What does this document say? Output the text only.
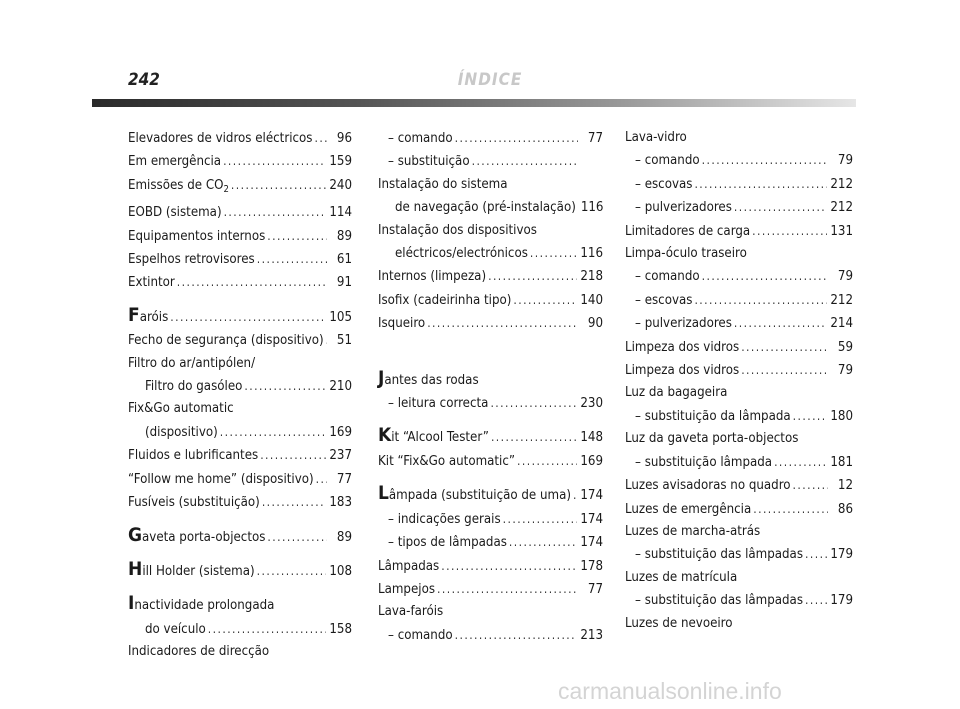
242	ÍNDICE
Elevadores de vidros eléctricos . . .	96
Em emergência . . .	159
Emissões de $CO_2$ . . .	240
EOBD (sistema) . . .	114
Equipamentos internos . . .	89
Espelhos retrovisores . . .	61
Extintor . . .	91
Faróis . . .	105
Fecho de segurança (dispositivo) . . .	51
Filtro do ar/antipólen/
Filtro do gasóleo . . .	210
Fix&Go automatic
(dispositivo) . . .	169
Fluidos e lubrificantes . . .	237
“Follow me home” (dispositivo) . . .	77
Fusíveis (substituição) . . .	183
Gaveta porta-objectos . . .	89
Hill Holder (sistema) . . .	108
Inactividade prolongada
do veículo . . .	158
Indicadores de direcção
– comando . . .	77
– substituição
. . .
Instalação do sistema
de navegação (pré-instalação) 116
Instalação dos dispositivos
eléctricos/electrónicos . . .	116
Internos (limpeza) . . .	218
Isofix (cadeirinha tipo) . . .	140
Isqueiro . . .	90
Jantes das rodas
– leitura correcta . . .	230
Kit “Alcool Tester” . . .	148
Kit “Fix&Go automatic” . . .	169
Lâmpada (substituição de uma) . . . 174
– indicações gerais . . .	174
– tipos de lâmpadas . . .	174
Lâmpadas . . .	178
Lampejos . . .	77
Lava-faróis
– comando . . .	213
Lava-vidro
– comando . . .	79
– escovas . . .	212
– pulverizadores . . .	212
Limitadores de carga . . .	131
Limpa-óculo traseiro
– comando . . .	79
– escovas . . .	212
– pulverizadores . . .	214
Limpeza dos vidros . . .	59
Limpeza dos vidros . . .	79
Luz da bagageira
– substituição da lâmpada . . .	180
Luz da gaveta porta-objectos
– substituição lâmpada . . .	181
Luzes avisadoras no quadro . . .	12
Luzes de emergência . . .	86
Luzes de marcha-atrás
– substituição das lâmpadas . . . 179
Luzes de matrícula
– substituição das lâmpadas . . . 179
Luzes de nevoeiro
carmanualsonline.info
